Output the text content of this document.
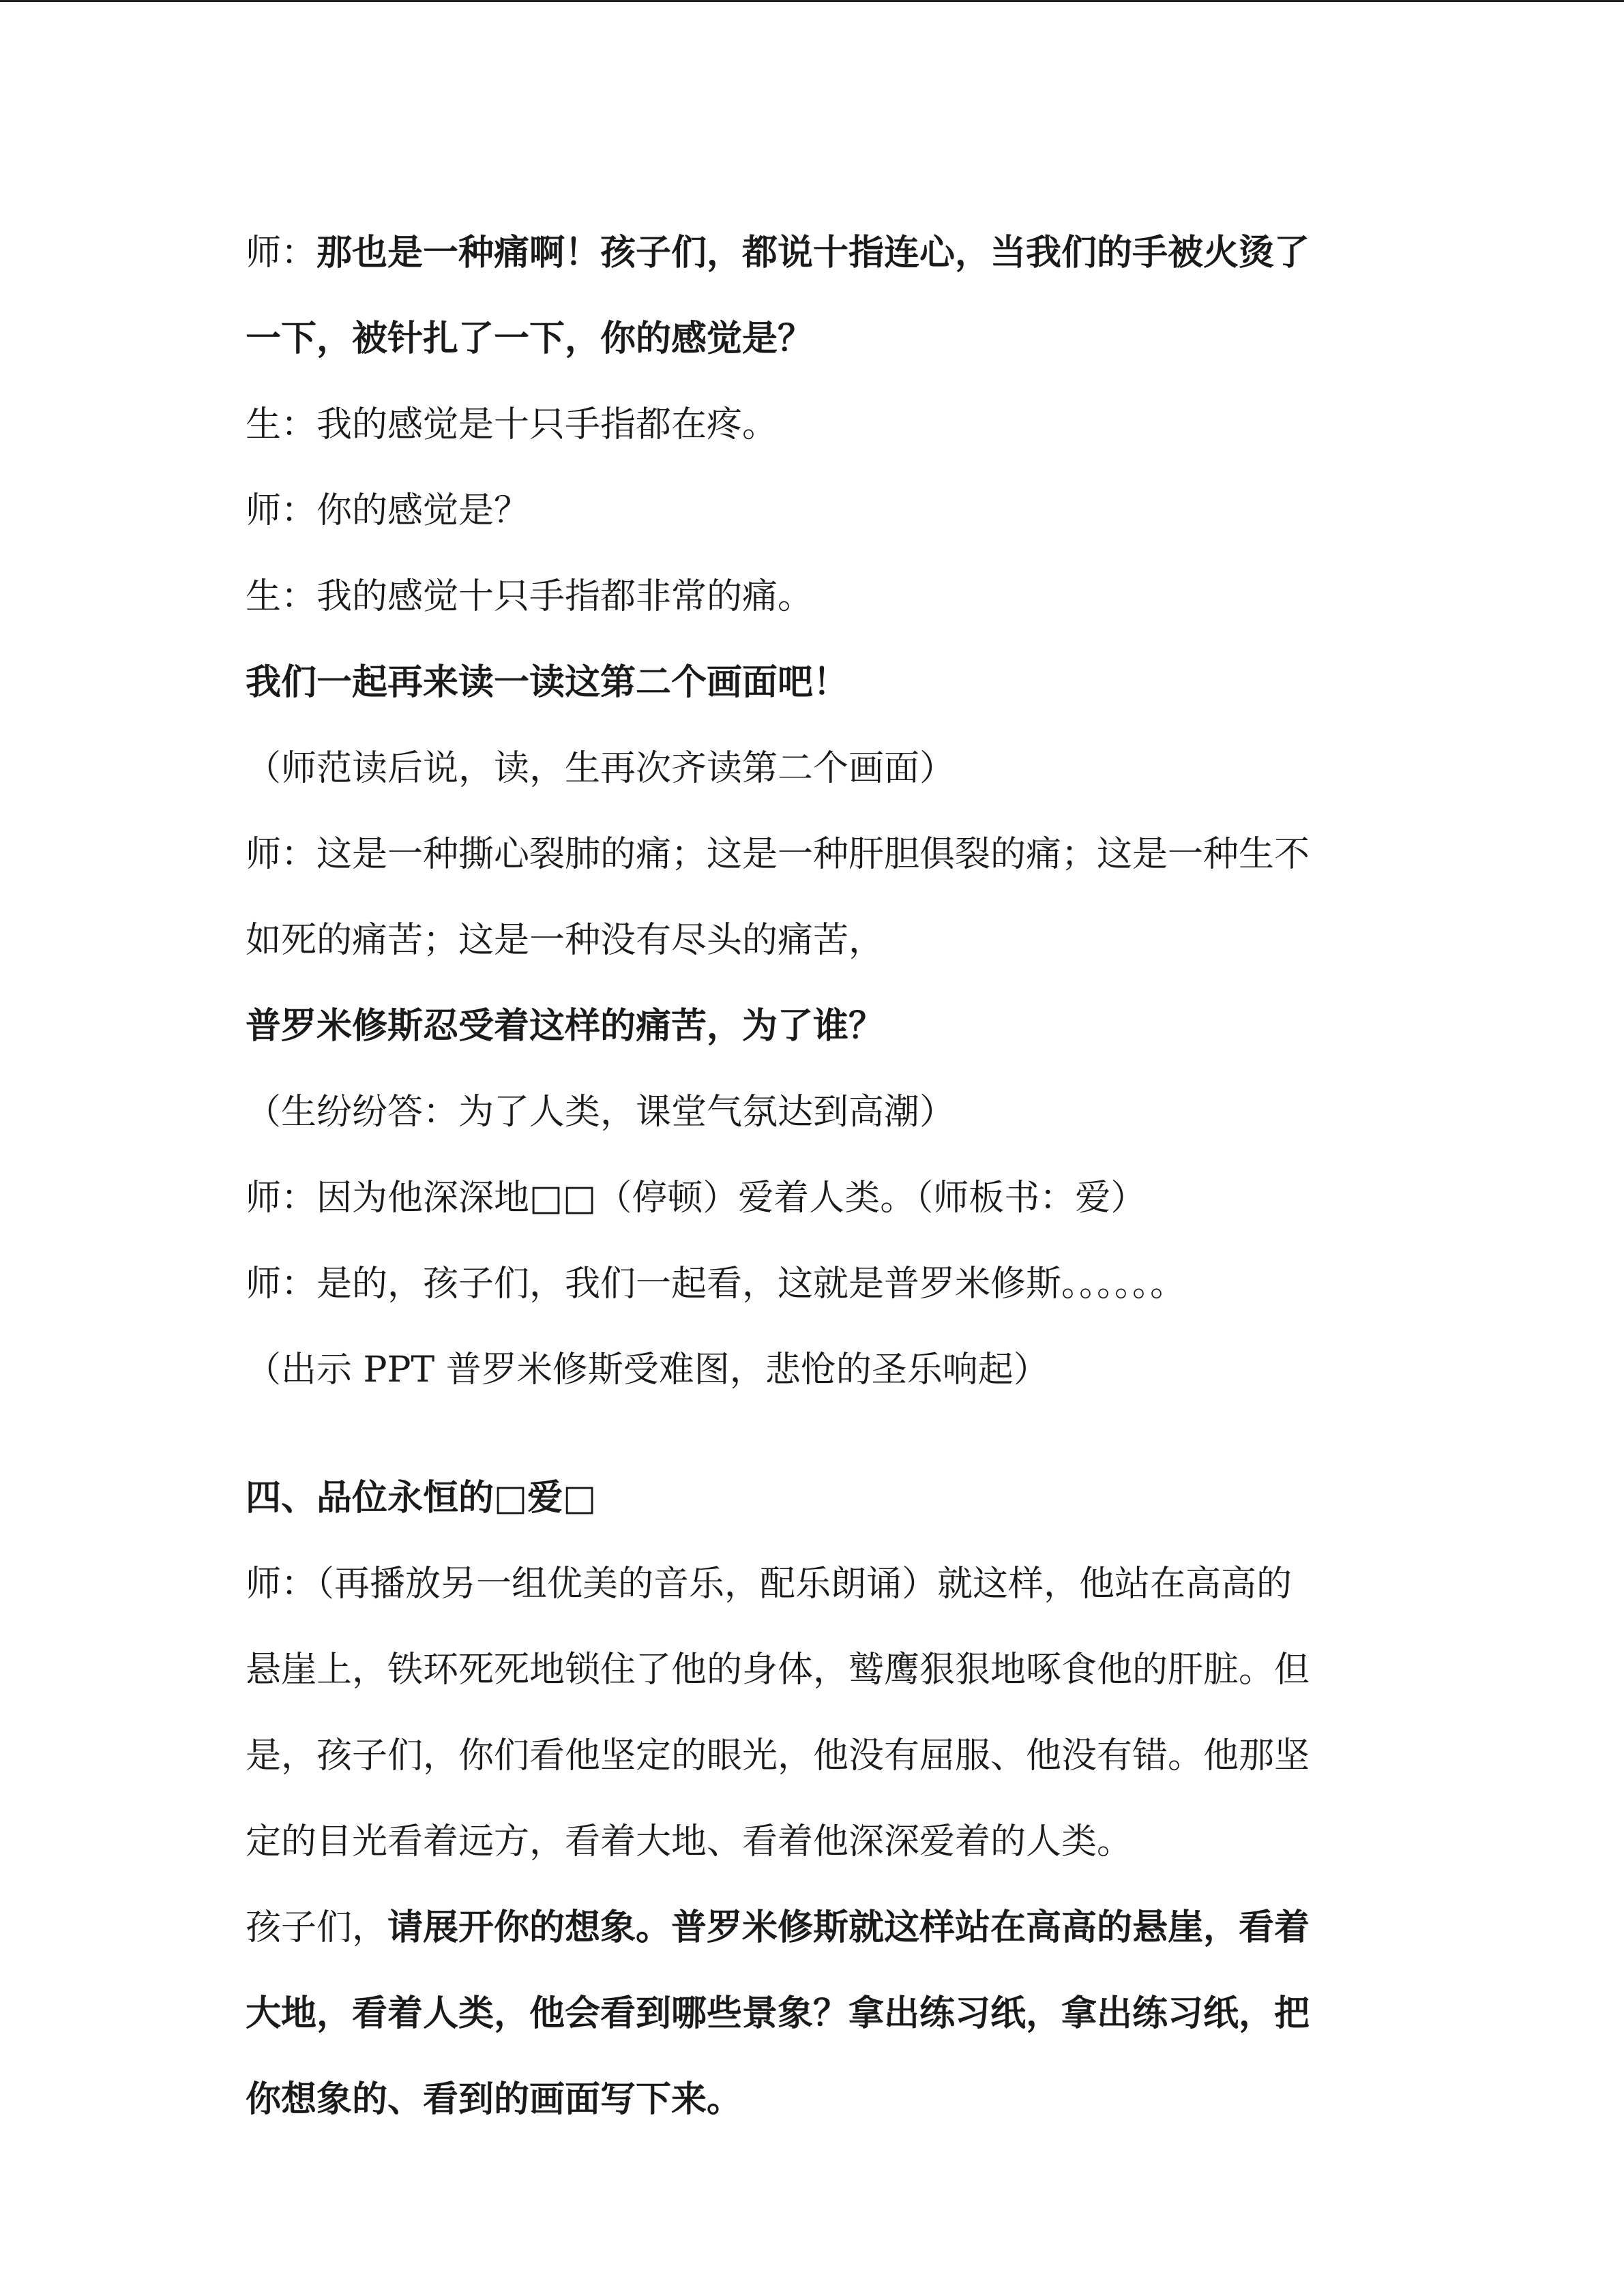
师：那也是一种痛啊！孩子们，都说十指连心，当我们的手被火烫了

一下，被针扎了一下，你的感觉是？

生：我的感觉是十只手指都在疼。

师：你的感觉是？

生：我的感觉十只手指都非常的痛。

我们一起再来读一读这第二个画面吧！

（师范读后说，读，生再次齐读第二个画面）

师：这是一种撕心裂肺的痛；这是一种肝胆俱裂的痛；这是一种生不

如死的痛苦；这是一种没有尽头的痛苦，

普罗米修斯忍受着这样的痛苦，为了谁？

（生纷纷答：为了人类，课堂气氛达到高潮）

师：因为他深深地□□（停顿）爱着人类。（师板书：爱）

师：是的，孩子们，我们一起看，这就是普罗米修斯。。。。。。

（出示 PPT 普罗米修斯受难图，悲怆的圣乐响起）

四、品位永恒的□爱□

师：（再播放另一组优美的音乐，配乐朗诵）就这样，他站在高高的

悬崖上，铁环死死地锁住了他的身体，鹫鹰狠狠地啄食他的肝脏。但

是，孩子们，你们看他坚定的眼光，他没有屈服、他没有错。他那坚

定的目光看着远方，看着大地、看着他深深爱着的人类。

孩子们，请展开你的想象。普罗米修斯就这样站在高高的悬崖，看着

大地，看着人类，他会看到哪些景象？拿出练习纸，拿出练习纸，把

你想象的、看到的画面写下来。
